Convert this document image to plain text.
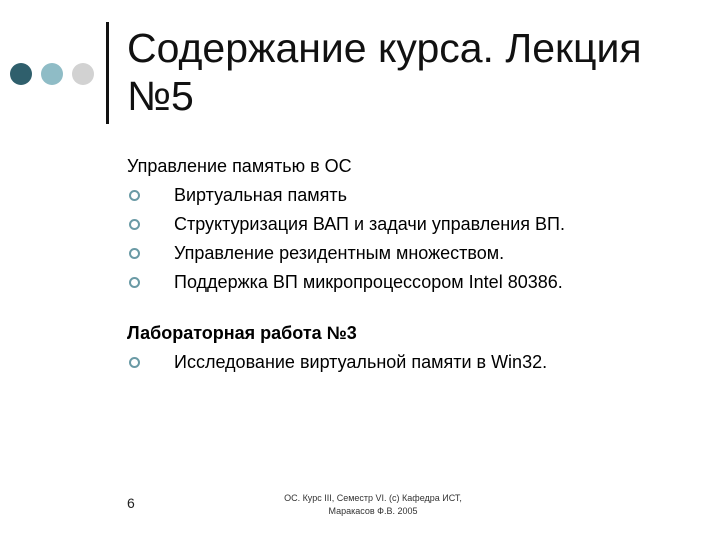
Содержание курса. Лекция
№5
Управление памятью в ОС
Виртуальная память
Структуризация ВАП и задачи управления ВП.
Управление резидентным множеством.
Поддержка ВП микропроцессором Intel 80386.
Лабораторная работа №3
Исследование виртуальной памяти в Win32.
6	ОС. Курс III, Семестр VI. (с) Кафедра ИСТ,
Маракасов Ф.В. 2005
